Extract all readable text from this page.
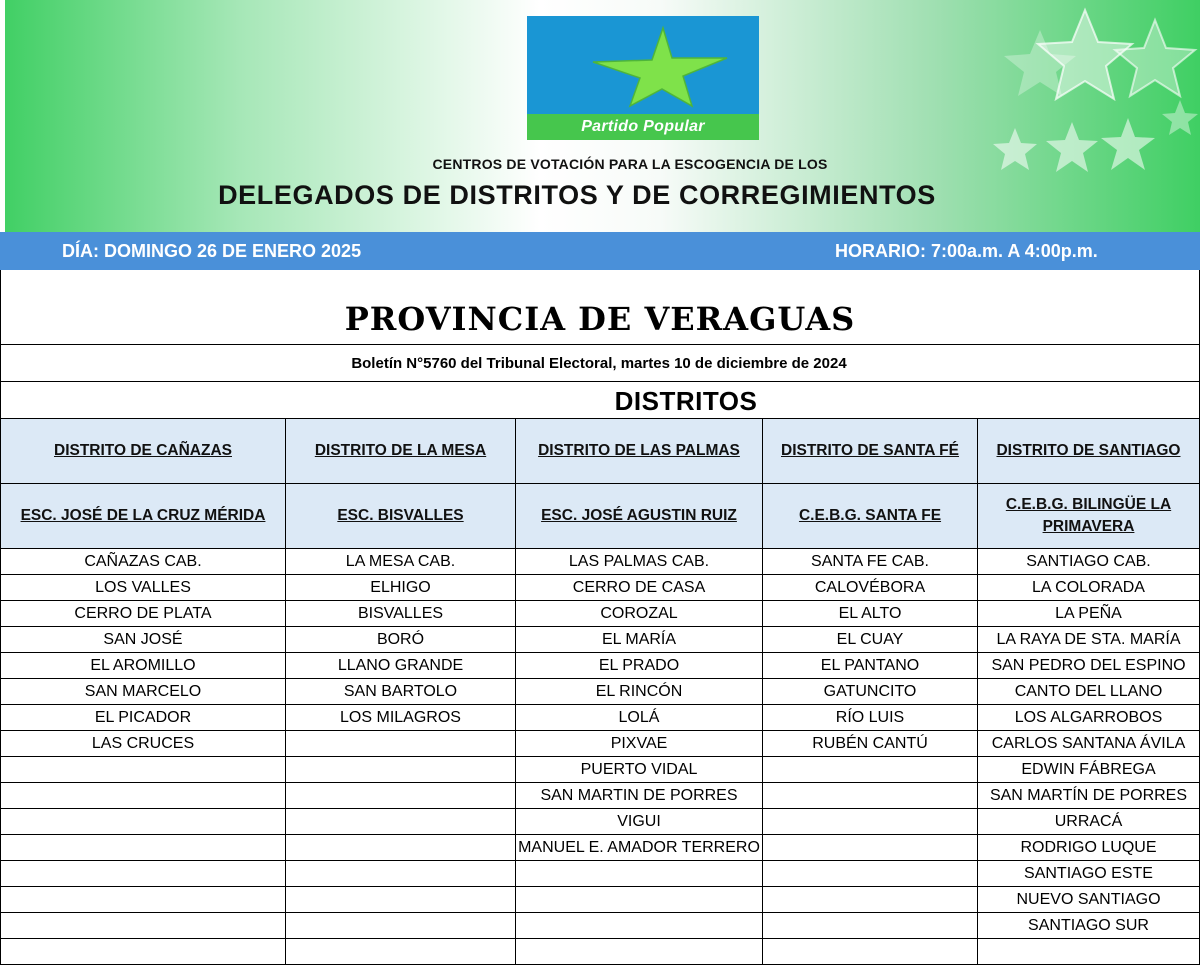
Partido Popular
CENTROS DE VOTACIÓN PARA LA ESCOGENCIA DE LOS
DELEGADOS DE DISTRITOS Y DE CORREGIMIENTOS
DÍA: DOMINGO 26 DE ENERO 2025	HORARIO: 7:00a.m. A 4:00p.m.
PROVINCIA DE VERAGUAS
Boletín N°5760 del Tribunal Electoral, martes 10 de diciembre de 2024
DISTRITOS
DISTRITO DE CAÑAZAS	DISTRITO DE LA MESA	DISTRITO DE LAS PALMAS	DISTRITO DE SANTA FÉ	DISTRITO DE SANTIAGO
ESC. JOSÉ DE LA CRUZ MÉRIDA	ESC. BISVALLES	ESC. JOSÉ AGUSTIN RUIZ	C.E.B.G. SANTA FE	C.E.B.G. BILINGÜE LA PRIMAVERA
CAÑAZAS CAB.	LA MESA CAB.	LAS PALMAS CAB.	SANTA FE CAB.	SANTIAGO CAB.
LOS VALLES	ELHIGO	CERRO DE CASA	CALOVÉBORA	LA COLORADA
CERRO DE PLATA	BISVALLES	COROZAL	EL ALTO	LA PEÑA
SAN JOSÉ	BORÓ	EL MARÍA	EL CUAY	LA RAYA DE STA. MARÍA
EL AROMILLO	LLANO GRANDE	EL PRADO	EL PANTANO	SAN PEDRO DEL ESPINO
SAN MARCELO	SAN BARTOLO	EL RINCÓN	GATUNCITO	CANTO DEL LLANO
EL PICADOR	LOS MILAGROS	LOLÁ	RÍO LUIS	LOS ALGARROBOS
LAS CRUCES		PIXVAE	RUBÉN CANTÚ	CARLOS SANTANA ÁVILA
		PUERTO VIDAL		EDWIN FÁBREGA
		SAN MARTIN DE PORRES		SAN MARTÍN DE PORRES
		VIGUI		URRACÁ
		MANUEL E. AMADOR TERRERO		RODRIGO LUQUE
				SANTIAGO ESTE
				NUEVO SANTIAGO
				SANTIAGO SUR
